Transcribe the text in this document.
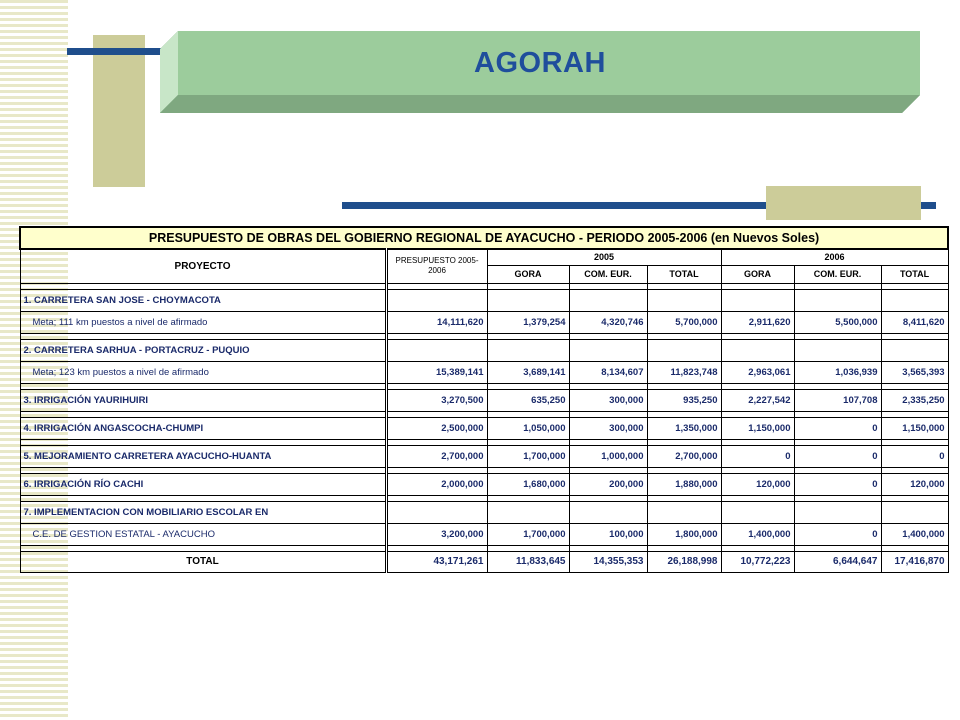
AGORAH
PRESUPUESTO DE OBRAS DEL GOBIERNO REGIONAL DE AYACUCHO - PERIODO 2005-2006 (en Nuevos Soles)							
PROYECTO	PRESUPUESTO 2005-2006	2005			2006		
		GORA	COM. EUR.	TOTAL	GORA	COM. EUR.	TOTAL

1. CARRETERA SAN JOSE - CHOYMACOTA							
Meta; 111 km puestos a nivel de afirmado	14,111,620	1,379,254	4,320,746	5,700,000	2,911,620	5,500,000	8,411,620

2. CARRETERA SARHUA - PORTACRUZ - PUQUIO							
Meta; 123 km puestos a nivel de afirmado	15,389,141	3,689,141	8,134,607	11,823,748	2,963,061	1,036,939	3,565,393

3. IRRIGACIÓN YAURIHUIRI	3,270,500	635,250	300,000	935,250	2,227,542	107,708	2,335,250

4. IRRIGACIÓN ANGASCOCHA-CHUMPI	2,500,000	1,050,000	300,000	1,350,000	1,150,000	0	1,150,000

5. MEJORAMIENTO CARRETERA AYACUCHO-HUANTA	2,700,000	1,700,000	1,000,000	2,700,000	0	0	0

6. IRRIGACIÓN RÍO CACHI	2,000,000	1,680,000	200,000	1,880,000	120,000	0	120,000

7. IMPLEMENTACION CON MOBILIARIO ESCOLAR EN							
C.E. DE GESTION ESTATAL - AYACUCHO	3,200,000	1,700,000	100,000	1,800,000	1,400,000	0	1,400,000

TOTAL	43,171,261	11,833,645	14,355,353	26,188,998	10,772,223	6,644,647	17,416,870
